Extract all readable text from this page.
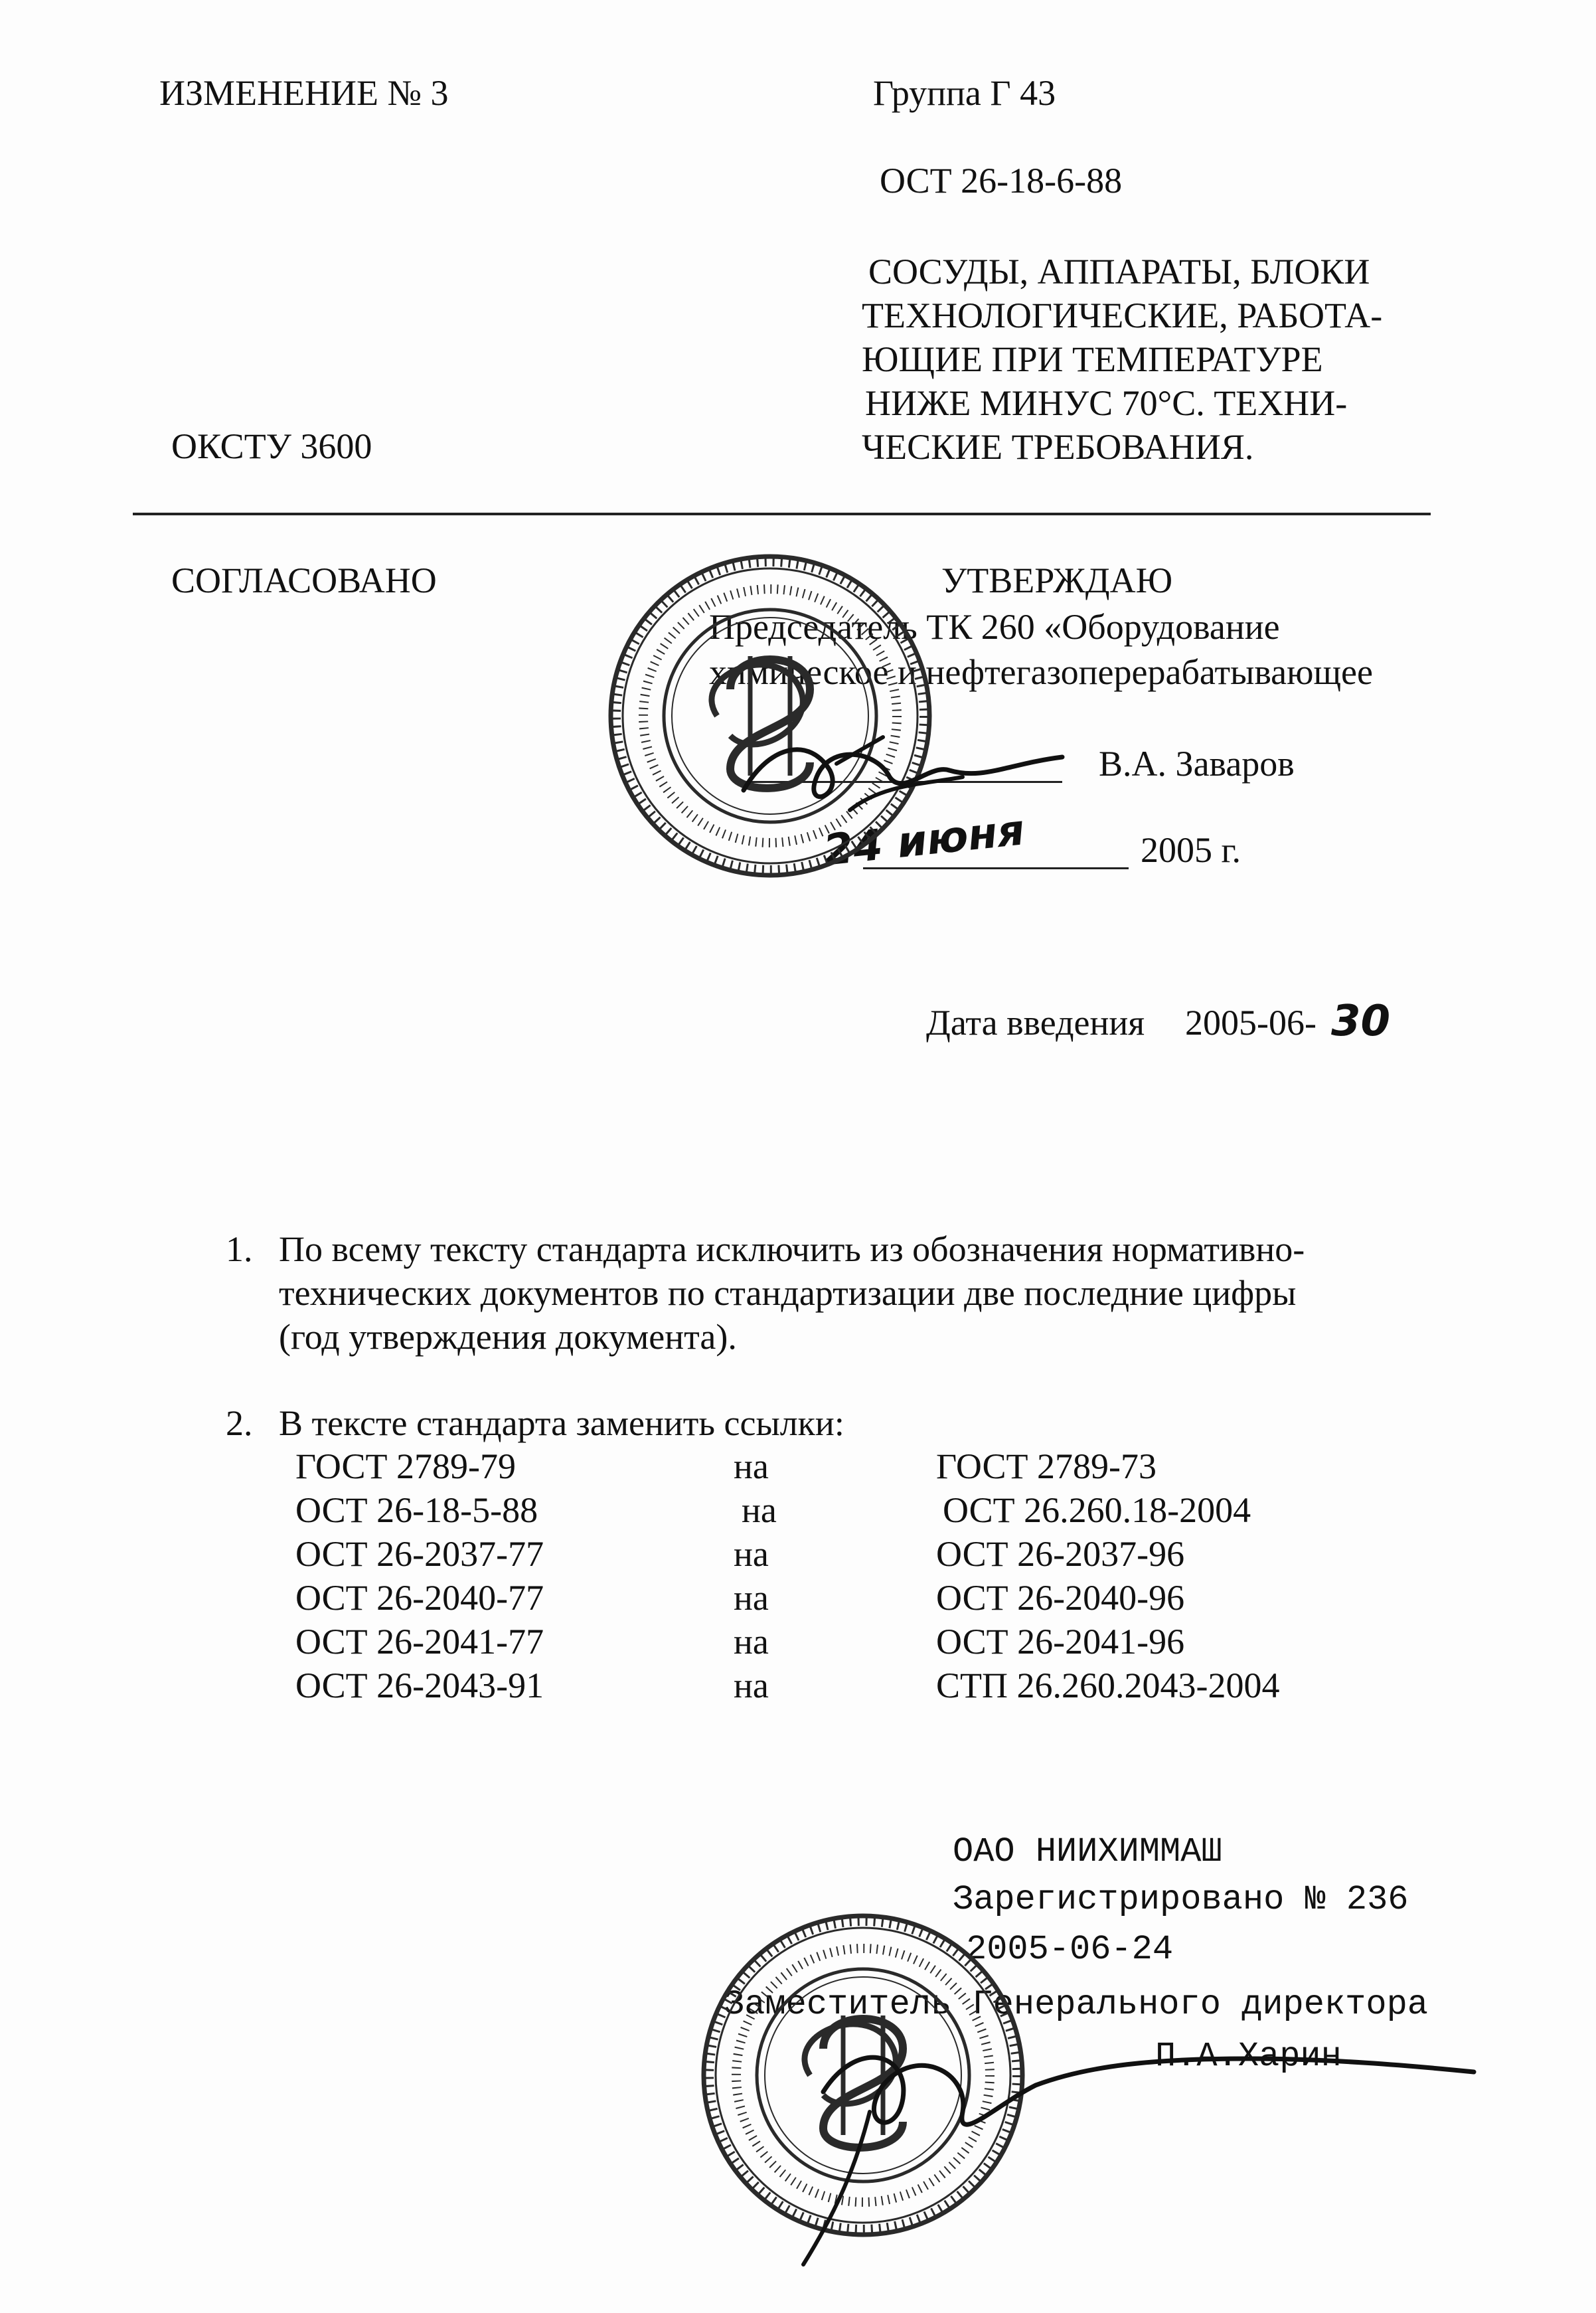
ИЗМЕНЕНИЕ № 3	Группа Г 43
ОСТ 26-18-6-88
СОСУДЫ, АППАРАТЫ, БЛОКИ
ТЕХНОЛОГИЧЕСКИЕ, РАБОТА-
ЮЩИЕ ПРИ ТЕМПЕРАТУРЕ
НИЖЕ МИНУС 70°С. ТЕХНИ-
ЧЕСКИЕ ТРЕБОВАНИЯ.
ОКСТУ 3600
СОГЛАСОВАНО	УТВЕРЖДАЮ
Председатель ТК 260 «Оборудование
химическое и нефтегазоперерабатывающее
В.А. Заваров
24 июня	2005 г.
Дата введения 2005-06- 30
1. По всему тексту стандарта исключить из обозначения нормативно-
технических документов по стандартизации две последние цифры
(год утверждения документа).
2. В тексте стандарта заменить ссылки:
ГОСТ 2789-79	на	ГОСТ 2789-73
ОСТ 26-18-5-88	на	ОСТ 26.260.18-2004
ОСТ 26-2037-77	на	ОСТ 26-2037-96
ОСТ 26-2040-77	на	ОСТ 26-2040-96
ОСТ 26-2041-77	на	ОСТ 26-2041-96
ОСТ 26-2043-91	на	СТП 26.260.2043-2004
ОАО НИИХИММАШ
Зарегистрировано № 236
2005-06-24
Заместитель Генерального директора
П.А.Харин
